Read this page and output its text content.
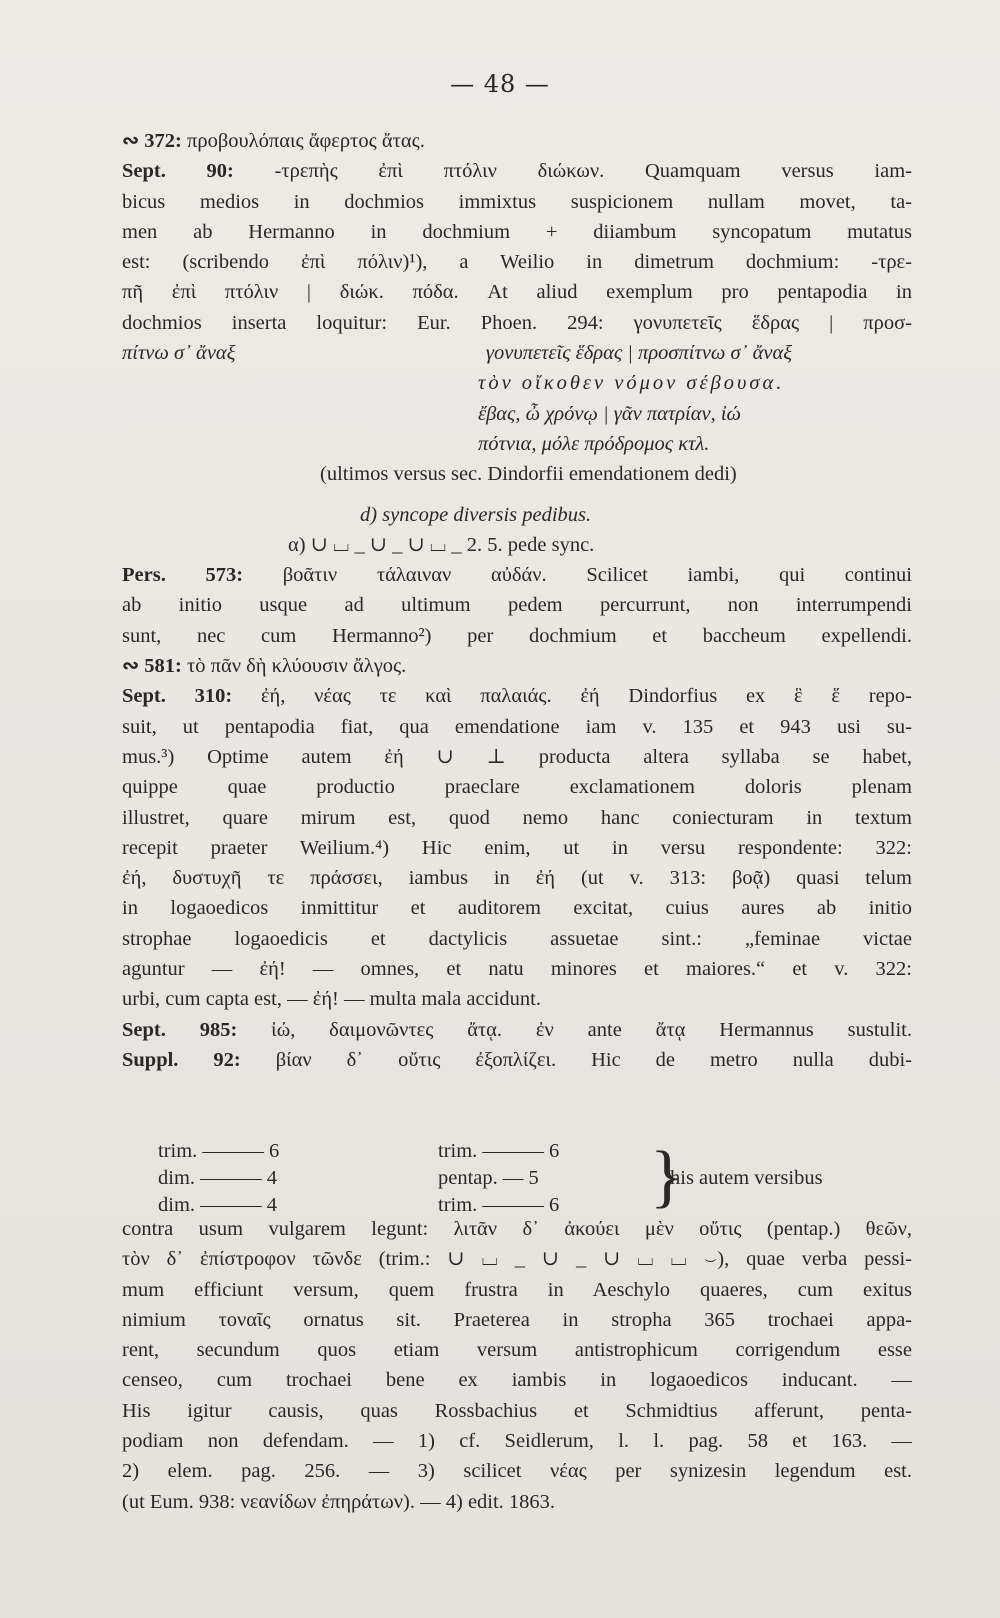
— 48 —
∾ 372: προβουλόπαις ἄφερτος ἄτας.
Sept. 90: -τρεπὴς ἐπὶ πτόλιν διώκων. Quamquam versus iam-
bicus medios in dochmios immixtus suspicionem nullam movet, ta-
men ab Hermanno in dochmium + diiambum syncopatum mutatus
est: (scribendo ἐπὶ πόλιν)¹), a Weilio in dimetrum dochmium: -τρε-
πῆ ἐπὶ πτόλιν | διώκ. πόδα. At aliud exemplum pro pentapodia in
dochmios inserta loquitur: Eur. Phoen. 294: γονυπετεῖς ἕδρας | προσ-
πίτνω σ᾽ ἄναξ	γονυπετεῖς ἕδρας | προσπίτνω σ᾽ ἄναξ
τὸν οἴκοθεν νόμον σέβουσα.
ἔβας, ὦ χρόνῳ | γᾶν πατρίαν, ἰώ
πότνια, μόλε πρόδρομος κτλ.
(ultimos versus sec. Dindorfii emendationem dedi)
d) syncope diversis pedibus.
α) ∪ ⌴ _ ∪ _ ∪ ⌴ _ 2. 5. pede sync.
Pers. 573: βοᾶτιν τάλαιναν αὐδάν. Scilicet iambi, qui continui
ab initio usque ad ultimum pedem percurrunt, non interrumpendi
sunt, nec cum Hermanno²) per dochmium et baccheum expellendi.
∾ 581: τὸ πᾶν δὴ κλύουσιν ἄλγος.
Sept. 310: ἐή, νέας τε καὶ παλαιάς. ἐή Dindorfius ex ἓ ἕ repo-
suit, ut pentapodia fiat, qua emendatione iam v. 135 et 943 usi su-
mus.³) Optime autem ἐή ∪ ⊥ producta altera syllaba se habet,
quippe quae productio praeclare exclamationem doloris plenam
illustret, quare mirum est, quod nemo hanc coniecturam in textum
recepit praeter Weilium.⁴) Hic enim, ut in versu respondente: 322:
ἐή, δυστυχῆ τε πράσσει, iambus in ἐή (ut v. 313: βοᾷ) quasi telum
in logaoedicos inmittitur et auditorem excitat, cuius aures ab initio
strophae logaoedicis et dactylicis assuetae sint.: „feminae victae
aguntur — ἐή! — omnes, et natu minores et maiores.“ et v. 322:
urbi, cum capta est, — ἐή! — multa mala accidunt.
Sept. 985: ἰώ, δαιμονῶντες ἄτᾳ. ἐν ante ἄτᾳ Hermannus sustulit.
Suppl. 92: βίαν δ᾽ οὔτις ἐξοπλίζει. Hic de metro nulla dubi-
trim. ——— 6	trim. ——— 6
dim. ——— 4	pentap. — 5
dim. ——— 4	trim. ——— 6	}
his autem versibus
contra usum vulgarem legunt: λιτᾶν δ᾽ ἀκούει μὲν οὔτις (pentap.) θεῶν,
τὸν δ᾽ ἐπίστροφον τῶνδε (trim.: ∪ ⌴ _ ∪ _ ∪ ⌴ ⌴ ⌣), quae verba pessi-
mum efficiunt versum, quem frustra in Aeschylo quaeres, cum exitus
nimium τοναῖς ornatus sit. Praeterea in stropha 365 trochaei appa-
rent, secundum quos etiam versum antistrophicum corrigendum esse
censeo, cum trochaei bene ex iambis in logaoedicos inducant. —
His igitur causis, quas Rossbachius et Schmidtius afferunt, penta-
podiam non defendam. — 1) cf. Seidlerum, l. l. pag. 58 et 163. —
2) elem. pag. 256. — 3) scilicet νέας per synizesin legendum est.
(ut Eum. 938: νεανίδων ἐπηράτων). — 4) edit. 1863.
